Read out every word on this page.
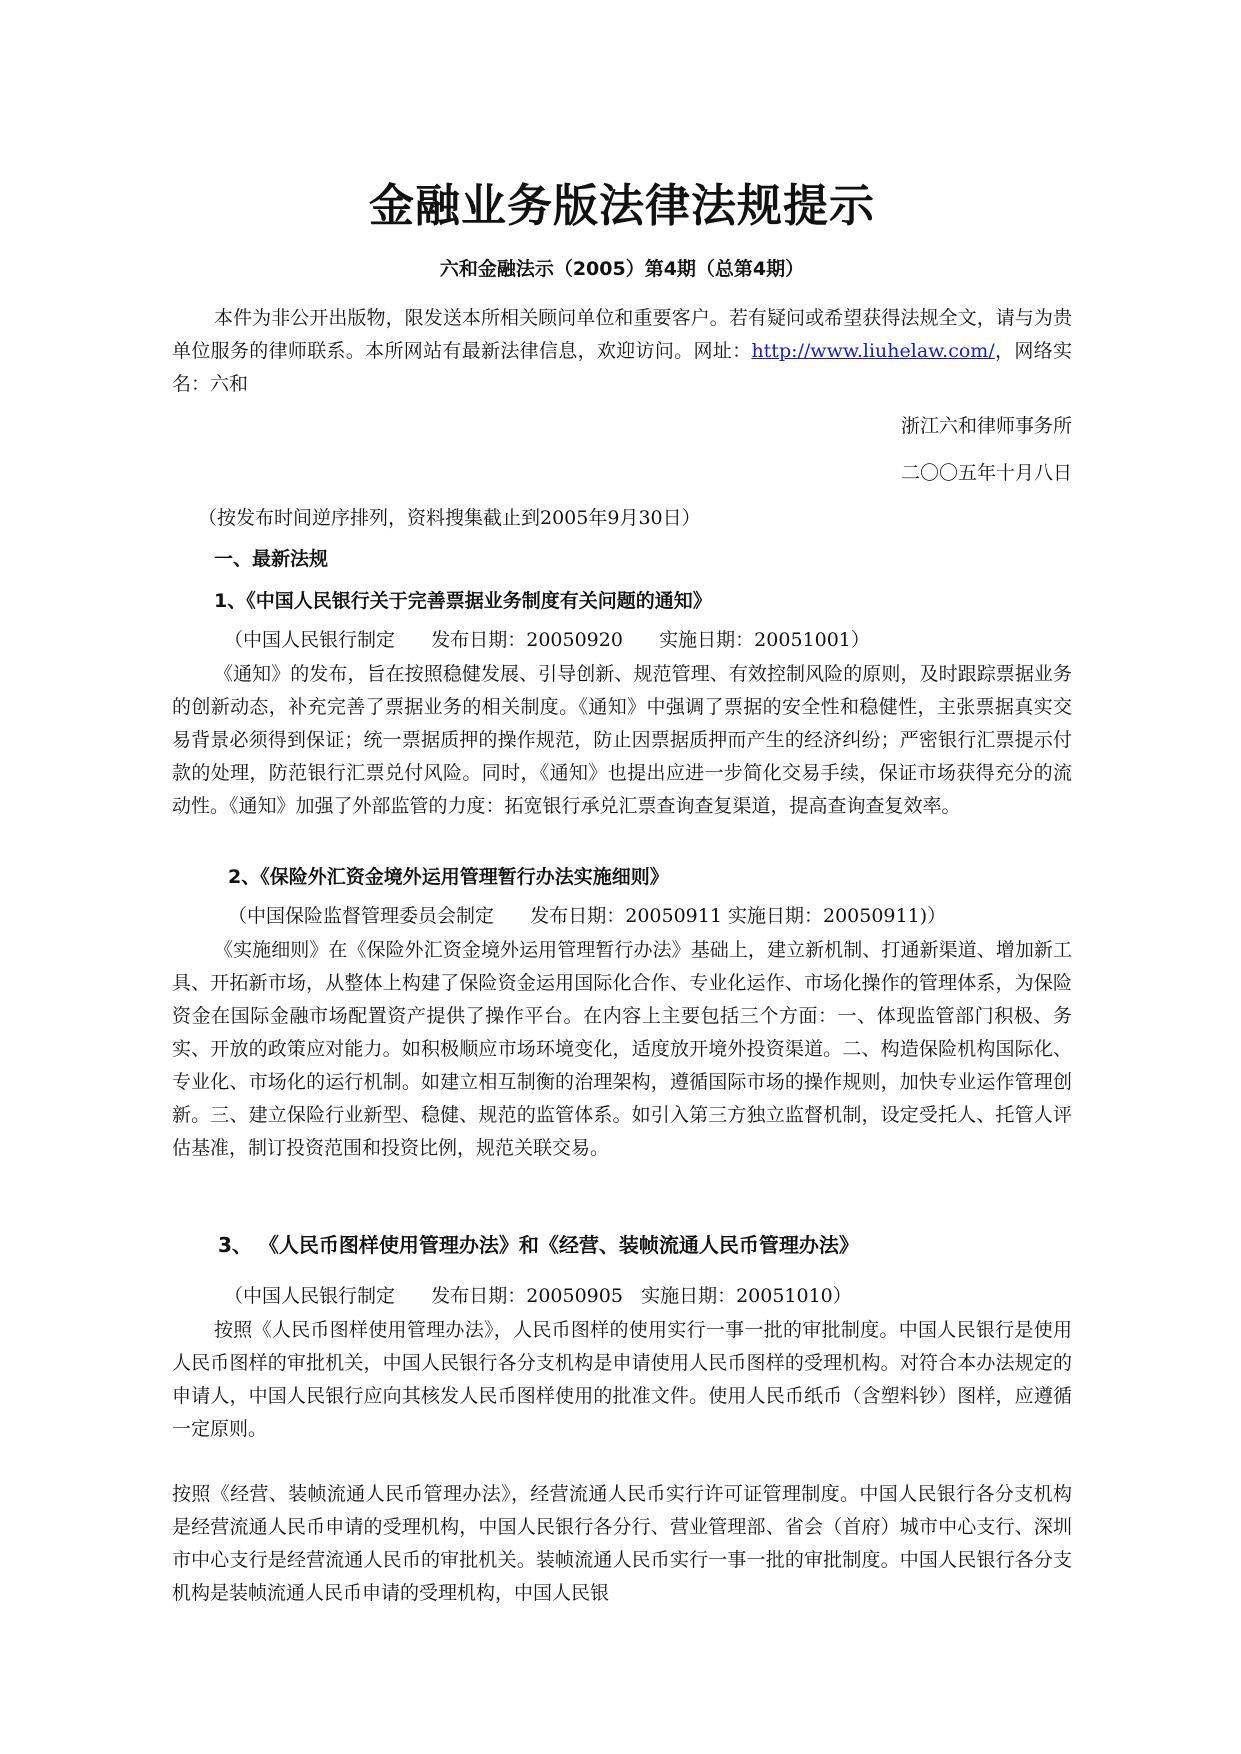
金融业务版法律法规提示
六和金融法示（2005）第4期（总第4期）

本件为非公开出版物，限发送本所相关顾问单位和重要客户。若有疑问或希望获得法规全文，请与为贵单位服务的律师联系。本所网站有最新法律信息，欢迎访问。网址：http://www.liuhelaw.com/，网络实名：六和

浙江六和律师事务所

二〇〇五年十月八日

（按发布时间逆序排列，资料搜集截止到2005年9月30日）

一、最新法规

1、《中国人民银行关于完善票据业务制度有关问题的通知》

（中国人民银行制定      发布日期：20050920      实施日期：20051001）

《通知》的发布，旨在按照稳健发展、引导创新、规范管理、有效控制风险的原则，及时跟踪票据业务的创新动态，补充完善了票据业务的相关制度。《通知》中强调了票据的安全性和稳健性，主张票据真实交易背景必须得到保证；统一票据质押的操作规范，防止因票据质押而产生的经济纠纷；严密银行汇票提示付款的处理，防范银行汇票兑付风险。同时，《通知》也提出应进一步简化交易手续，保证市场获得充分的流动性。《通知》加强了外部监管的力度：拓宽银行承兑汇票查询查复渠道，提高查询查复效率。

2、《保险外汇资金境外运用管理暂行办法实施细则》

（中国保险监督管理委员会制定      发布日期：20050911 实施日期：20050911)）

《实施细则》在《保险外汇资金境外运用管理暂行办法》基础上，建立新机制、打通新渠道、增加新工具、开拓新市场，从整体上构建了保险资金运用国际化合作、专业化运作、市场化操作的管理体系，为保险资金在国际金融市场配置资产提供了操作平台。在内容上主要包括三个方面：一、体现监管部门积极、务实、开放的政策应对能力。如积极顺应市场环境变化，适度放开境外投资渠道。二、构造保险机构国际化、专业化、市场化的运行机制。如建立相互制衡的治理架构，遵循国际市场的操作规则，加快专业运作管理创新。三、建立保险行业新型、稳健、规范的监管体系。如引入第三方独立监督机制，设定受托人、托管人评估基准，制订投资范围和投资比例，规范关联交易。

3、 《人民币图样使用管理办法》和《经营、装帧流通人民币管理办法》

（中国人民银行制定      发布日期：20050905   实施日期：20051010）

按照《人民币图样使用管理办法》，人民币图样的使用实行一事一批的审批制度。中国人民银行是使用人民币图样的审批机关，中国人民银行各分支机构是申请使用人民币图样的受理机构。对符合本办法规定的申请人，中国人民银行应向其核发人民币图样使用的批准文件。使用人民币纸币（含塑料钞）图样，应遵循一定原则。

按照《经营、装帧流通人民币管理办法》，经营流通人民币实行许可证管理制度。中国人民银行各分支机构是经营流通人民币申请的受理机构，中国人民银行各分行、营业管理部、省会（首府）城市中心支行、深圳市中心支行是经营流通人民币的审批机关。装帧流通人民币实行一事一批的审批制度。中国人民银行各分支机构是装帧流通人民币申请的受理机构，中国人民银
